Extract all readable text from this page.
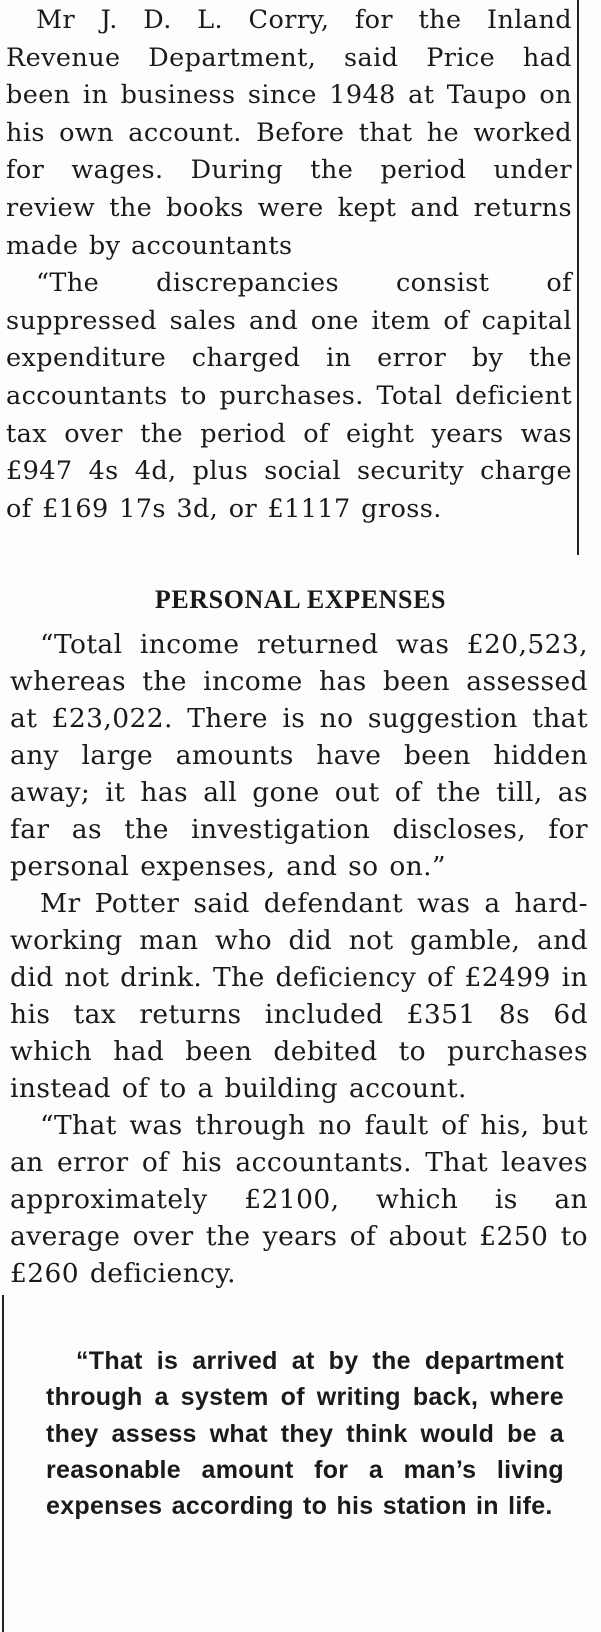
Mr J. D. L. Corry, for the Inland Revenue Department, said Price had been in business since 1948 at Taupo on his own account. Before that he worked for wages. During the period under review the books were kept and returns made by accountants

“The discrepancies consist of suppressed sales and one item of capital expenditure charged in error by the accountants to purchases. Total deficient tax over the period of eight years was £947 4s 4d, plus social security charge of £169 17s 3d, or £1117 gross.

PERSONAL EXPENSES

“Total income returned was £20,523, whereas the income has been assessed at £23,022. There is no suggestion that any large amounts have been hidden away; it has all gone out of the till, as far as the investigation discloses, for personal expenses, and so on.”

Mr Potter said defendant was a hard-working man who did not gamble, and did not drink. The deficiency of £2499 in his tax returns included £351 8s 6d which had been debited to purchases instead of to a building account.

“That was through no fault of his, but an error of his accountants. That leaves approximately £2100, which is an average over the years of about £250 to £260 deficiency.

“That is arrived at by the department through a system of writing back, where they assess what they think would be a reasonable amount for a man’s living expenses according to his station in life.
